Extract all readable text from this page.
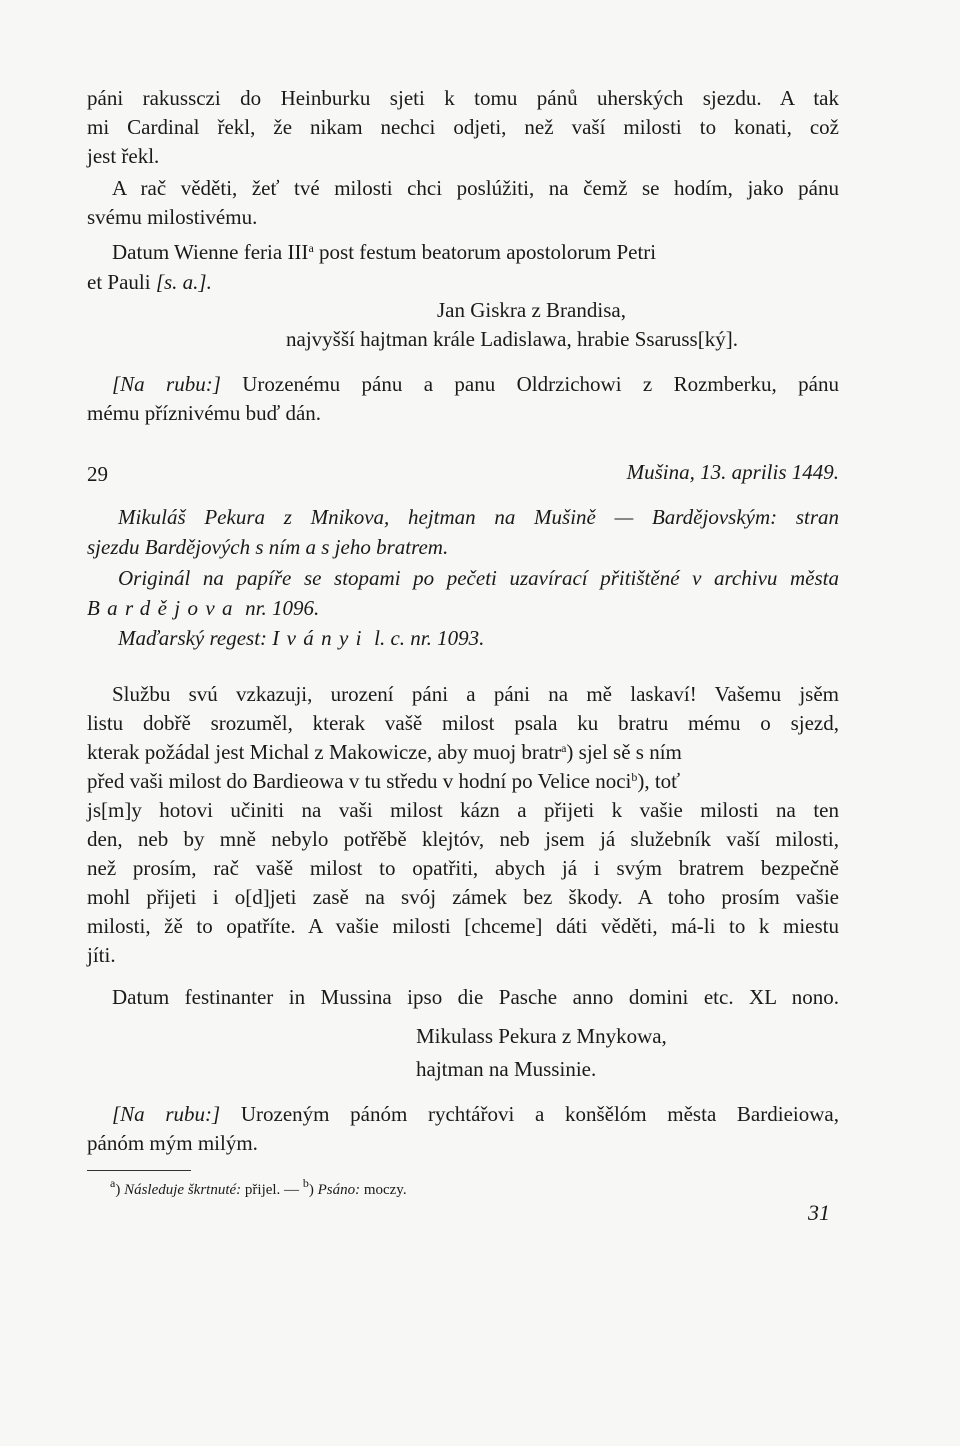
páni rakussczi do Heinburku sjeti k tomu pánů uherských sjezdu. A tak
mi Cardinal řekl, že nikam nechci odjeti, než vaší milosti to konati, což
jest řekl.
A rač věděti, žeť tvé milosti chci poslúžiti, na čemž se hodím, jako pánu
svému milostivému.
Datum Wienne feria III$^a$ post festum beatorum apostolorum Petri
et Pauli [s. a.].
Jan Giskra z Brandisa,
najvyšší hajtman krále Ladislawa, hrabie Ssaruss[ký].
[Na rubu:] Urozenému pánu a panu Oldrzichowi z Rozmberku, pánu
mému příznivému buď dán.
29	Mušina, 13. aprilis 1449.
Mikuláš Pekura z Mnikova, hejtman na Mušině — Bardějovským: stran
sjezdu Bardějových s ním a s jeho bratrem.
Originál na papíře se stopami po pečeti uzavírací přitištěné v archivu města
Bardějova nr. 1096.
Maďarský regest: Iványi l. c. nr. 1093.
Službu svú vzkazuji, urození páni a páni na mě laskaví! Vašemu jsěm
listu dobřě srozuměl, kterak vašě milost psala ku bratru mému o sjezd,
kterak požádal jest Michal z Makowicze, aby muoj bratr$^a$) sjel sě s ním
před vaši milost do Bardieowa v tu středu v hodní po Velice noci$^b$), toť
js[m]y hotovi učiniti na vaši milost kázn a přijeti k vašie milosti na ten
den, neb by mně nebylo potřěbě klejtóv, neb jsem já služebník vaší milosti,
než prosím, rač vašě milost to opatřiti, abych já i svým bratrem bezpečně
mohl přijeti i o[d]jeti zasě na svój zámek bez škody. A toho prosím vašie
milosti, žě to opatříte. A vašie milosti [chceme] dáti věděti, má-li to k miestu
jíti.
Datum festinanter in Mussina ipso die Pasche anno domini etc. XL nono.
Mikulass Pekura z Mnykowa,
hajtman na Mussinie.
[Na rubu:] Urozeným pánóm rychtářovi a konšělóm města Bardieiowa,
pánóm mým milým.
$^a$) Následuje škrtnuté: přijel. — $^b$) Psáno: moczy.
31
